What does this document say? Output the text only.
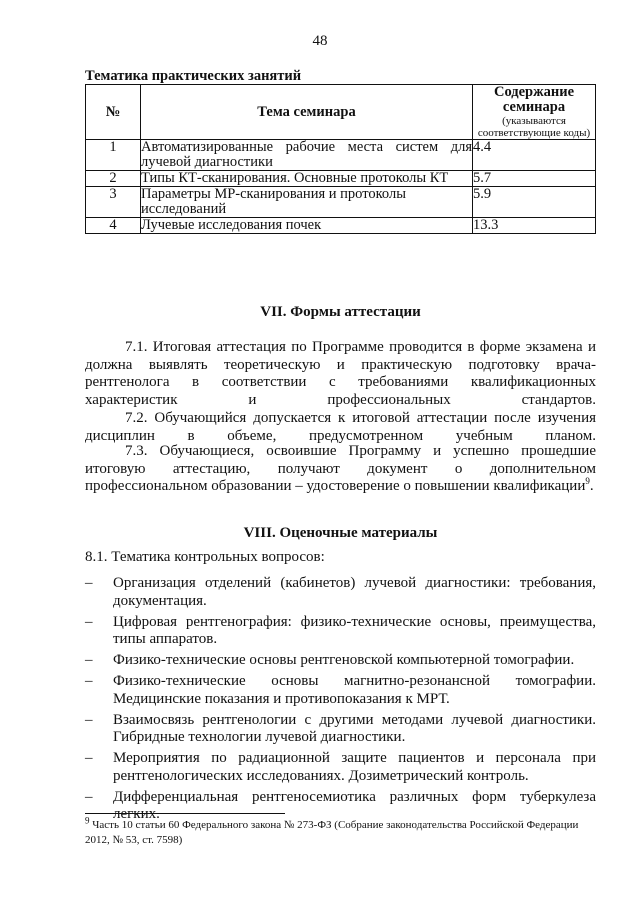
48
Тематика практических занятий
№	Тема семинара	Содержание семинара
(указываются соответствующие коды)

1	Автоматизированные рабочие места систем для лучевой диагностики	4.4
2	Типы КТ-сканирования. Основные протоколы КТ	5.7
3	Параметры МР-сканирования и протоколы исследований	5.9
4	Лучевые исследования почек	13.3
VII. Формы аттестации

7.1. Итоговая аттестация по Программе проводится в форме экзамена и должна выявлять теоретическую и практическую подготовку врача-рентгенолога в соответствии с требованиями квалификационных характеристик и профессиональных стандартов.

7.2. Обучающийся допускается к итоговой аттестации после изучения дисциплин в объеме, предусмотренном учебным планом.

7.3. Обучающиеся, освоившие Программу и успешно прошедшие итоговую аттестацию, получают документ о дополнительном профессиональном образовании – удостоверение о повышении квалификации$^9$.

VIII. Оценочные материалы

8.1. Тематика контрольных вопросов:

– Организация отделений (кабинетов) лучевой диагностики: требования, документация.
– Цифровая рентгенография: физико-технические основы, преимущества, типы аппаратов.
– Физико-технические основы рентгеновской компьютерной томографии.
– Физико-технические основы магнитно-резонансной томографии. Медицинские показания и противопоказания к МРТ.
– Взаимосвязь рентгенологии с другими методами лучевой диагностики. Гибридные технологии лучевой диагностики.
– Мероприятия по радиационной защите пациентов и персонала при рентгенологических исследованиях. Дозиметрический контроль.
– Дифференциальная рентгеносемиотика различных форм туберкулеза легких.
$^9$ Часть 10 статьи 60 Федерального закона № 273-ФЗ (Собрание законодательства Российской Федерации 2012, № 53, ст. 7598)
